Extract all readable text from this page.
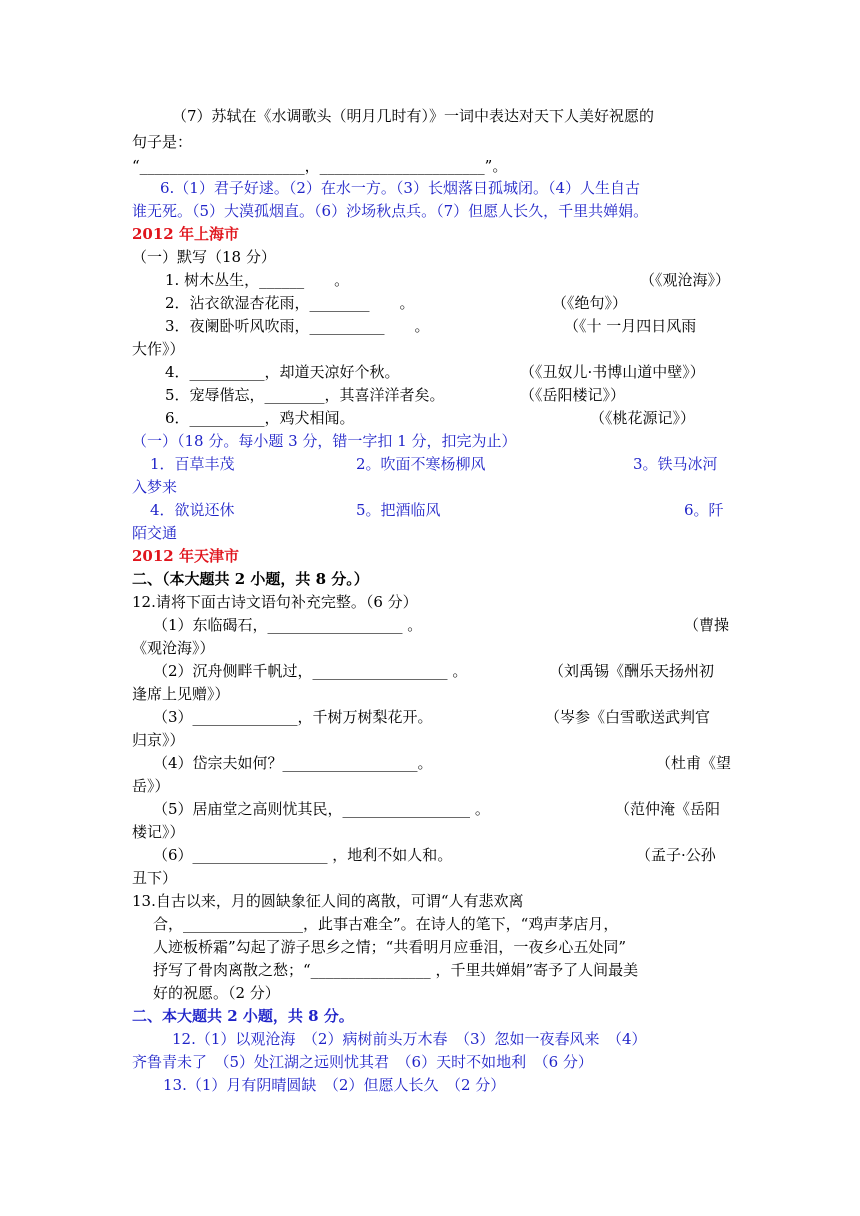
（7）苏轼在《水调歌头（明月几时有）》一词中表达对天下人美好祝愿的
句子是：
“______________________，______________________”。
6.（1）君子好逑。（2）在水一方。（3）长烟落日孤城闭。（4）人生自古
谁无死。（5）大漠孤烟直。（6）沙场秋点兵。（7）但愿人长久，千里共婵娟。
2012 年上海市
（一）默写（18 分）
1. 树木丛生，______　　。	（《观沧海》）
2．沾衣欲湿杏花雨，________　　。	（《绝句》）
3．夜阑卧听风吹雨，__________　　。	（《十 一月四日风雨
大作》）
4．__________，却道天凉好个秋。	（《丑奴儿·书博山道中壁》）
5．宠辱偕忘，________，其喜洋洋者矣。	（《岳阳楼记》）
6．__________，鸡犬相闻。	（《桃花源记》）
（一）（18 分。每小题 3 分，错一字扣 1 分，扣完为止）
1．百草丰茂	2。吹面不寒杨柳风	3。铁马冰河
入梦来
4．欲说还休	5。把酒临风	6。阡
陌交通
2012 年天津市
二、（本大题共 2 小题，共 8 分。）
12.请将下面古诗文语句补充完整。（6 分）
（1）东临碣石，__________________ 。	（曹操
《观沧海》）
（2）沉舟侧畔千帆过，__________________ 。	（刘禹锡《酬乐天扬州初
逢席上见赠》）
（3）______________，千树万树梨花开。	（岑参《白雪歌送武判官
归京》）
（4）岱宗夫如何？__________________。	（杜甫《望
岳》）
（5）居庙堂之高则忧其民，_________________ 。	（范仲淹《岳阳
楼记》）
（6）__________________ ，地利不如人和。	（孟子·公孙
丑下）
13.自古以来，月的圆缺象征人间的离散，可谓“人有悲欢离
合，________________，此事古难全”。在诗人的笔下，“鸡声茅店月，
人迹板桥霜”勾起了游子思乡之情；“共看明月应垂泪，一夜乡心五处同”
抒写了骨肉离散之愁；“________________ ，千里共婵娟”寄予了人间最美
好的祝愿。（2 分）
二、本大题共 2 小题，共 8 分。
12.（1）以观沧海　（2）病树前头万木春　（3）忽如一夜春风来　（4）
齐鲁青未了　（5）处江湖之远则忧其君　（6）天时不如地利　（6 分）
13.（1）月有阴晴圆缺　（2）但愿人长久　（2 分）
